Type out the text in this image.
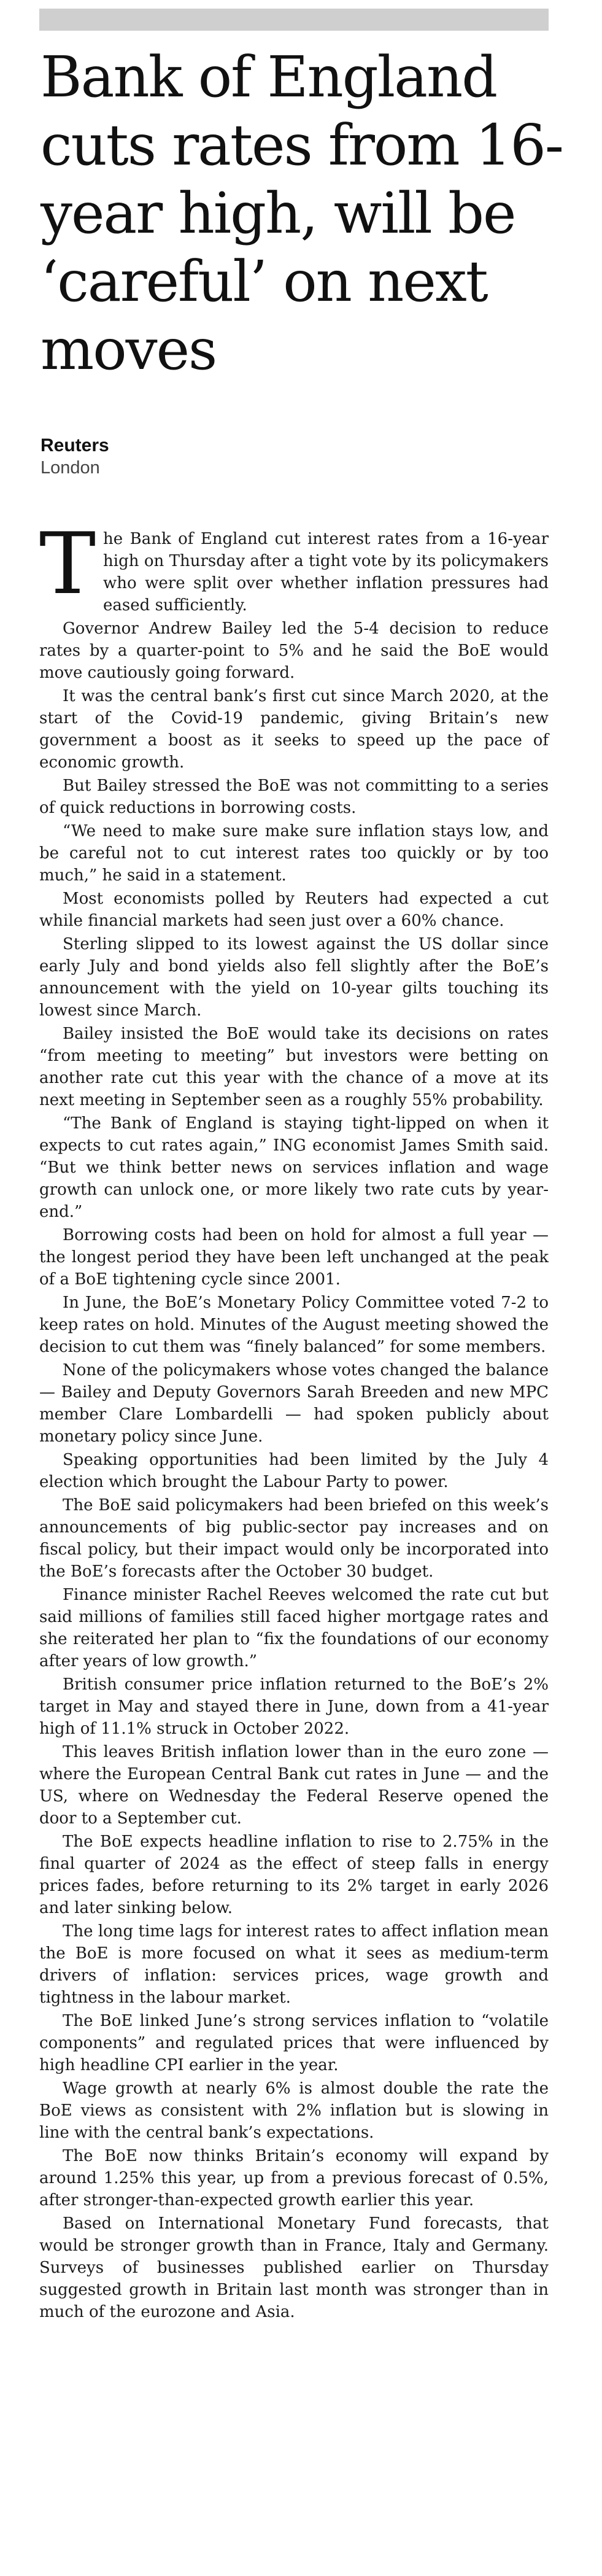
Bank of England cuts rates from 16-year high, will be ‘careful’ on next moves
Reuters
London

The Bank of England cut interest rates from a 16-year high on Thursday after a tight vote by its policymakers who were split over whether inflation pressures had eased sufficiently.

Governor Andrew Bailey led the 5-4 decision to reduce rates by a quarter-point to 5% and he said the BoE would move cautiously going forward.

It was the central bank’s first cut since March 2020, at the start of the Covid-19 pandemic, giving Britain’s new government a boost as it seeks to speed up the pace of economic growth.

But Bailey stressed the BoE was not committing to a series of quick reductions in borrowing costs.

“We need to make sure make sure inflation stays low, and be careful not to cut interest rates too quickly or by too much,” he said in a statement.

Most economists polled by Reuters had expected a cut while financial markets had seen just over a 60% chance.

Sterling slipped to its lowest against the US dollar since early July and bond yields also fell slightly after the BoE’s announcement with the yield on 10-year gilts touching its lowest since March.

Bailey insisted the BoE would take its decisions on rates “from meeting to meeting” but investors were betting on another rate cut this year with the chance of a move at its next meeting in September seen as a roughly 55% probability.

“The Bank of England is staying tight-lipped on when it expects to cut rates again,” ING economist James Smith said. “But we think better news on services inflation and wage growth can unlock one, or more likely two rate cuts by year-end.”

Borrowing costs had been on hold for almost a full year — the longest period they have been left unchanged at the peak of a BoE tightening cycle since 2001.

In June, the BoE’s Monetary Policy Committee voted 7-2 to keep rates on hold. Minutes of the August meeting showed the decision to cut them was “finely balanced” for some members.

None of the policymakers whose votes changed the balance — Bailey and Deputy Governors Sarah Breeden and new MPC member Clare Lombardelli — had spoken publicly about monetary policy since June.

Speaking opportunities had been limited by the July 4 election which brought the Labour Party to power.

The BoE said policymakers had been briefed on this week’s announcements of big public-sector pay increases and on fiscal policy, but their impact would only be incorporated into the BoE’s forecasts after the October 30 budget.

Finance minister Rachel Reeves welcomed the rate cut but said millions of families still faced higher mortgage rates and she reiterated her plan to “fix the foundations of our economy after years of low growth.”

British consumer price inflation returned to the BoE’s 2% target in May and stayed there in June, down from a 41-year high of 11.1% struck in October 2022.

This leaves British inflation lower than in the euro zone — where the European Central Bank cut rates in June — and the US, where on Wednesday the Federal Reserve opened the door to a September cut.

The BoE expects headline inflation to rise to 2.75% in the final quarter of 2024 as the effect of steep falls in energy prices fades, before returning to its 2% target in early 2026 and later sinking below.

The long time lags for interest rates to affect inflation mean the BoE is more focused on what it sees as medium-term drivers of inflation: services prices, wage growth and tightness in the labour market.

The BoE linked June’s strong services inflation to “volatile components” and regulated prices that were influenced by high headline CPI earlier in the year.

Wage growth at nearly 6% is almost double the rate the BoE views as consistent with 2% inflation but is slowing in line with the central bank’s expectations.

The BoE now thinks Britain’s economy will expand by around 1.25% this year, up from a previous forecast of 0.5%, after stronger-than-expected growth earlier this year.

Based on International Monetary Fund forecasts, that would be stronger growth than in France, Italy and Germany. Surveys of businesses published earlier on Thursday suggested growth in Britain last month was stronger than in much of the eurozone and Asia.
